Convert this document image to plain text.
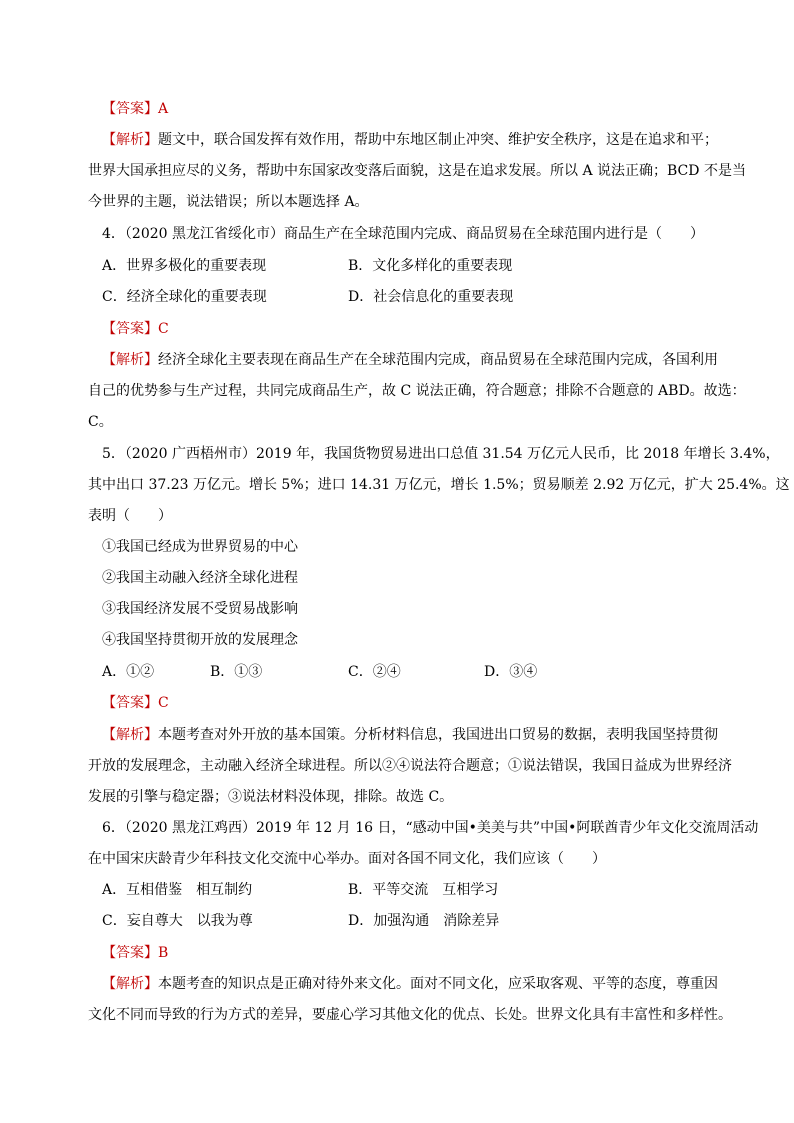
【答案】A
【解析】题文中，联合国发挥有效作用，帮助中东地区制止冲突、维护安全秩序，这是在追求和平；
世界大国承担应尽的义务，帮助中东国家改变落后面貌，这是在追求发展。所以 A 说法正确；BCD 不是当
今世界的主题，说法错误；所以本题选择 A。
4．（2020 黑龙江省绥化市）商品生产在全球范围内完成、商品贸易在全球范围内进行是（　　）
A．世界多极化的重要表现	B．文化多样化的重要表现
C．经济全球化的重要表现	D．社会信息化的重要表现
【答案】C
【解析】经济全球化主要表现在商品生产在全球范围内完成，商品贸易在全球范围内完成，各国利用
自己的优势参与生产过程，共同完成商品生产，故 C 说法正确，符合题意；排除不合题意的 ABD。故选：
C。
5．（2020 广西梧州市）2019 年，我国货物贸易进出口总值 31.54 万亿元人民币，比 2018 年增长 3.4%，
其中出口 37.23 万亿元。增长 5%；进口 14.31 万亿元，增长 1.5%；贸易顺差 2.92 万亿元，扩大 25.4%。这
表明（　　）
①我国已经成为世界贸易的中心
②我国主动融入经济全球化进程
③我国经济发展不受贸易战影响
④我国坚持贯彻开放的发展理念
A．①②	B．①③	C．②④	D．③④
【答案】C
【解析】本题考查对外开放的基本国策。分析材料信息，我国进出口贸易的数据，表明我国坚持贯彻
开放的发展理念，主动融入经济全球进程。所以②④说法符合题意；①说法错误，我国日益成为世界经济
发展的引擎与稳定器；③说法材料没体现，排除。故选 C。
6．（2020 黑龙江鸡西）2019 年 12 月 16 日，“感动中国•美美与共”中国•阿联酋青少年文化交流周活动
在中国宋庆龄青少年科技文化交流中心举办。面对各国不同文化，我们应该（　　）
A．互相借鉴　相互制约	B．平等交流　互相学习
C．妄自尊大　以我为尊	D．加强沟通　消除差异
【答案】B
【解析】本题考查的知识点是正确对待外来文化。面对不同文化，应采取客观、平等的态度，尊重因
文化不同而导致的行为方式的差异，要虚心学习其他文化的优点、长处。世界文化具有丰富性和多样性。
